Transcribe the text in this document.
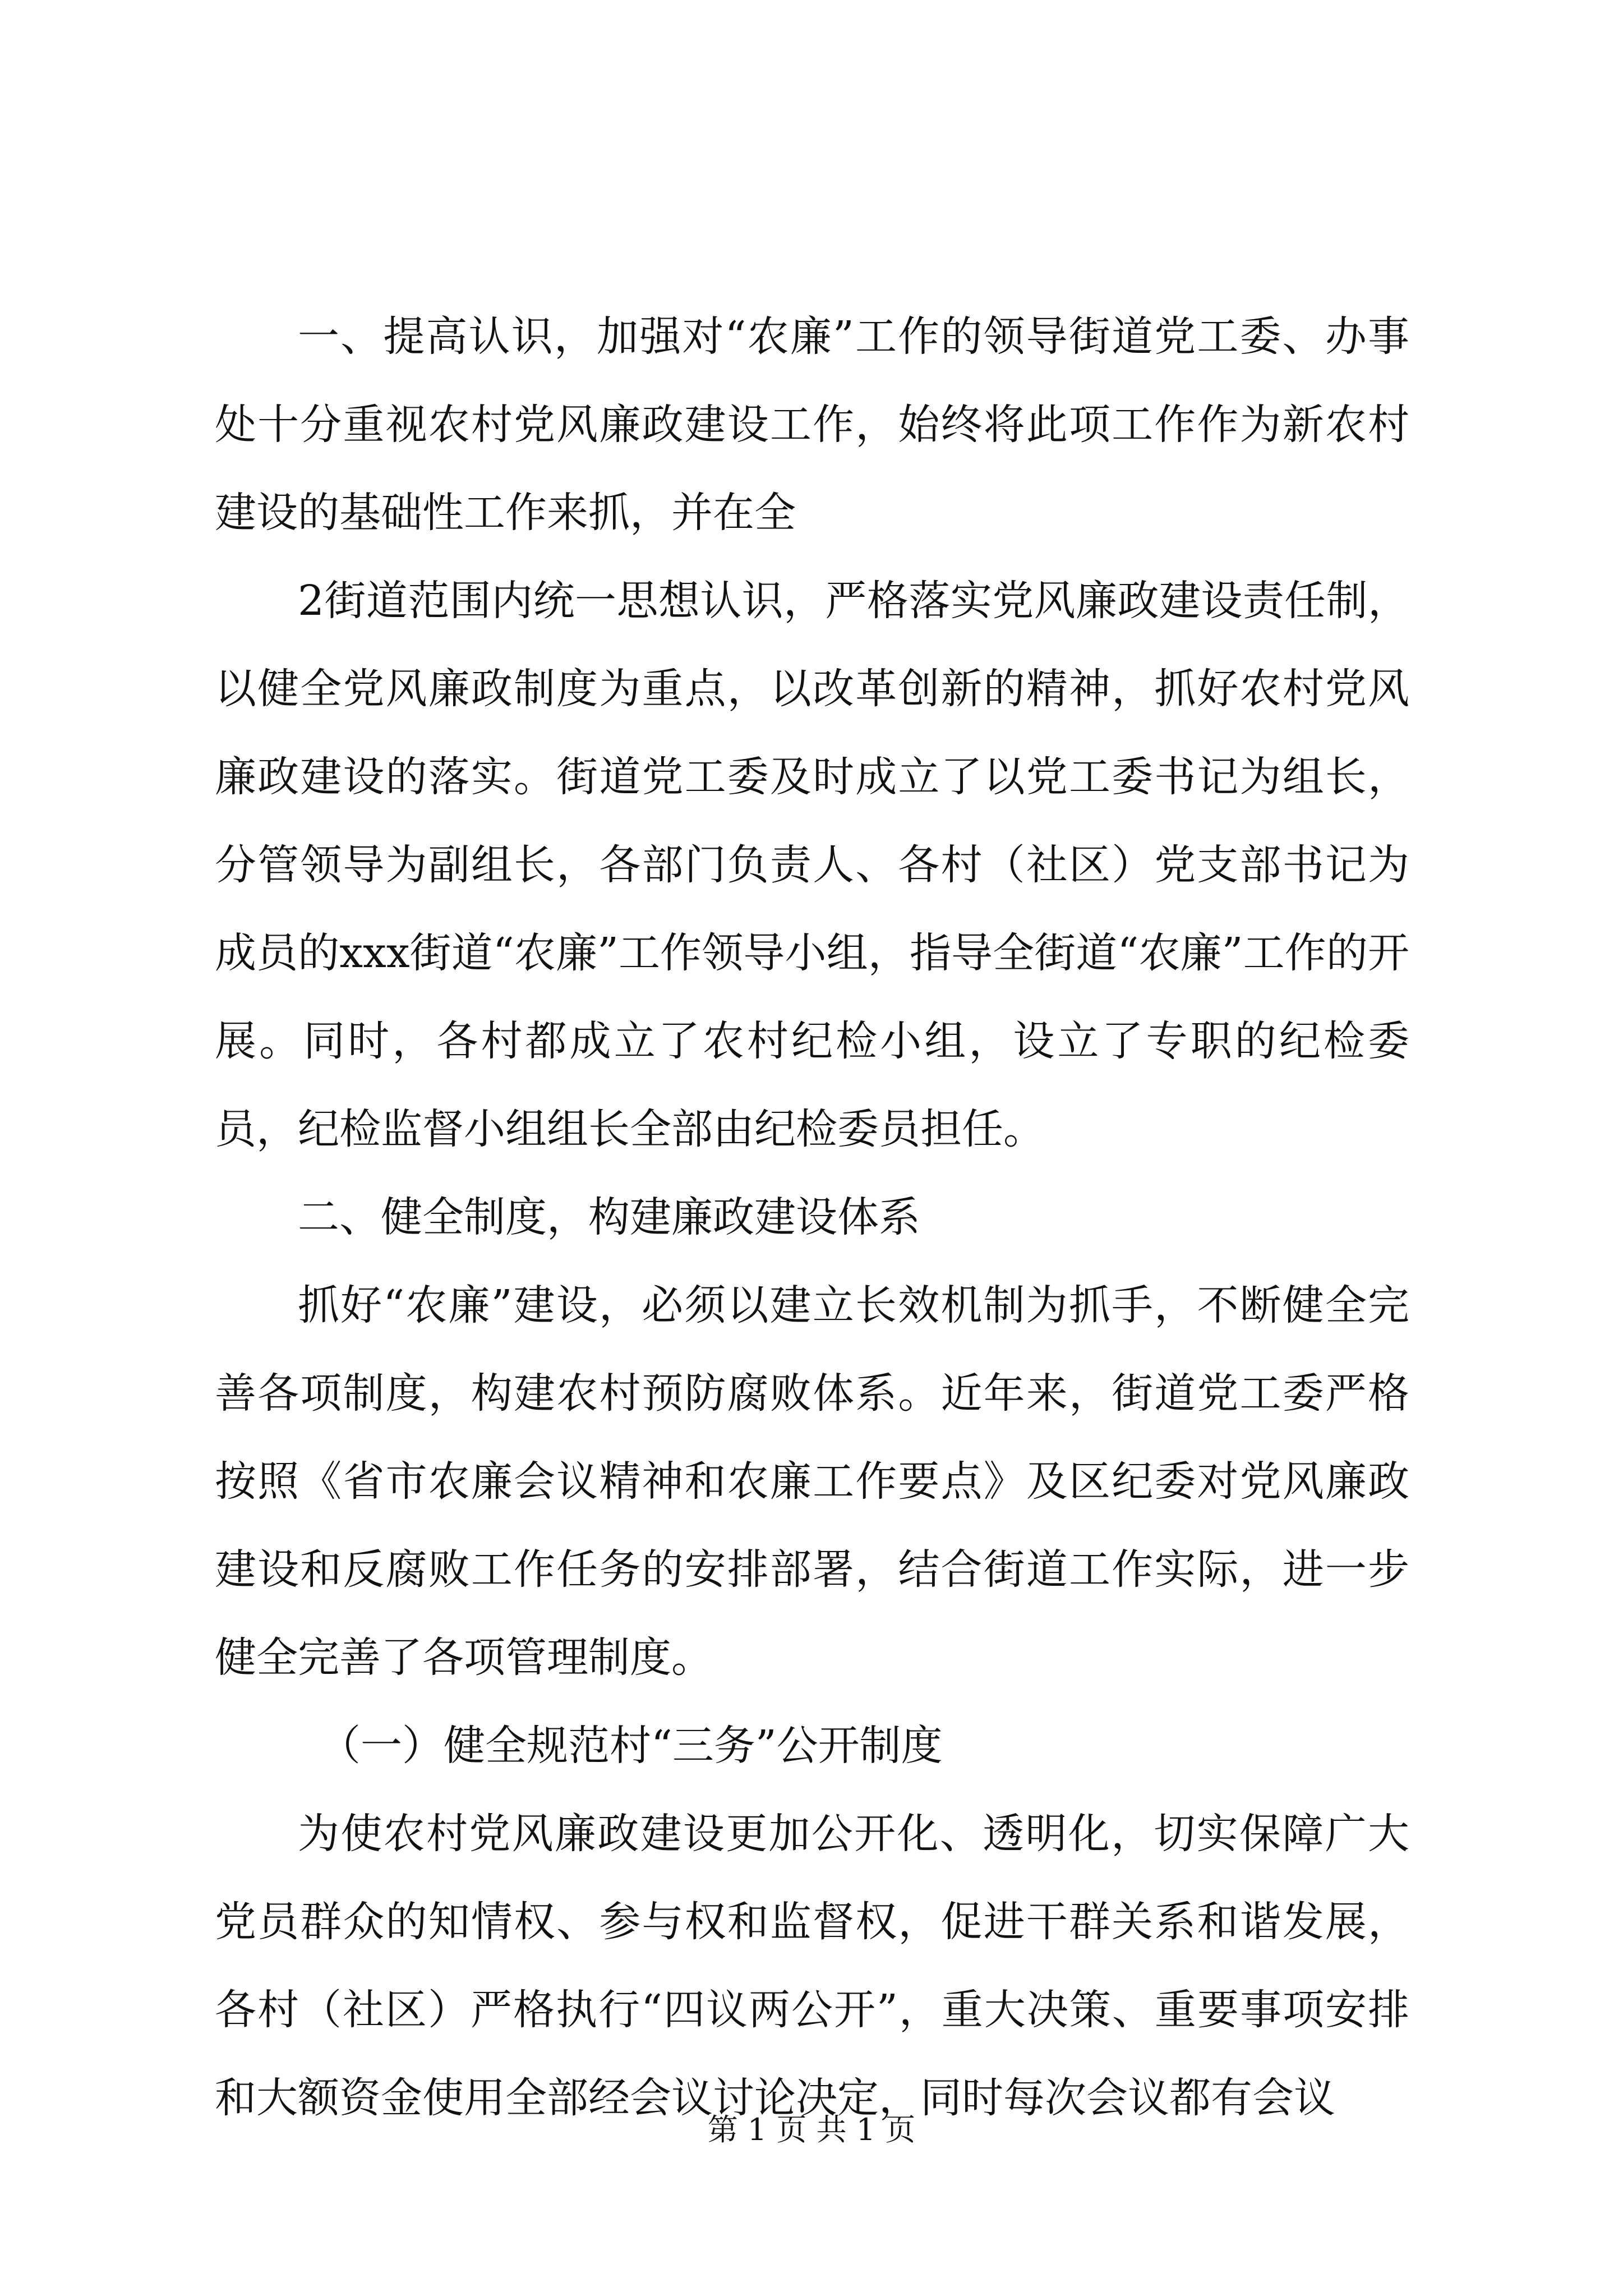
一、提高认识，加强对“农廉”工作的领导街道党工委、办事处十分重视农村党风廉政建设工作，始终将此项工作作为新农村建设的基础性工作来抓，并在全

2街道范围内统一思想认识，严格落实党风廉政建设责任制，以健全党风廉政制度为重点，以改革创新的精神，抓好农村党风廉政建设的落实。街道党工委及时成立了以党工委书记为组长，分管领导为副组长，各部门负责人、各村（社区）党支部书记为成员的xxx街道“农廉”工作领导小组，指导全街道“农廉”工作的开展。同时，各村都成立了农村纪检小组，设立了专职的纪检委员，纪检监督小组组长全部由纪检委员担任。

二、健全制度，构建廉政建设体系

抓好“农廉”建设，必须以建立长效机制为抓手，不断健全完善各项制度，构建农村预防腐败体系。近年来，街道党工委严格按照《省市农廉会议精神和农廉工作要点》及区纪委对党风廉政建设和反腐败工作任务的安排部署，结合街道工作实际，进一步健全完善了各项管理制度。

（一）健全规范村“三务”公开制度

为使农村党风廉政建设更加公开化、透明化，切实保障广大党员群众的知情权、参与权和监督权，促进干群关系和谐发展，各村（社区）严格执行“四议两公开”，重大决策、重要事项安排和大额资金使用全部经会议讨论决定，同时每次会议都有会议

第 1 页 共 1 页
